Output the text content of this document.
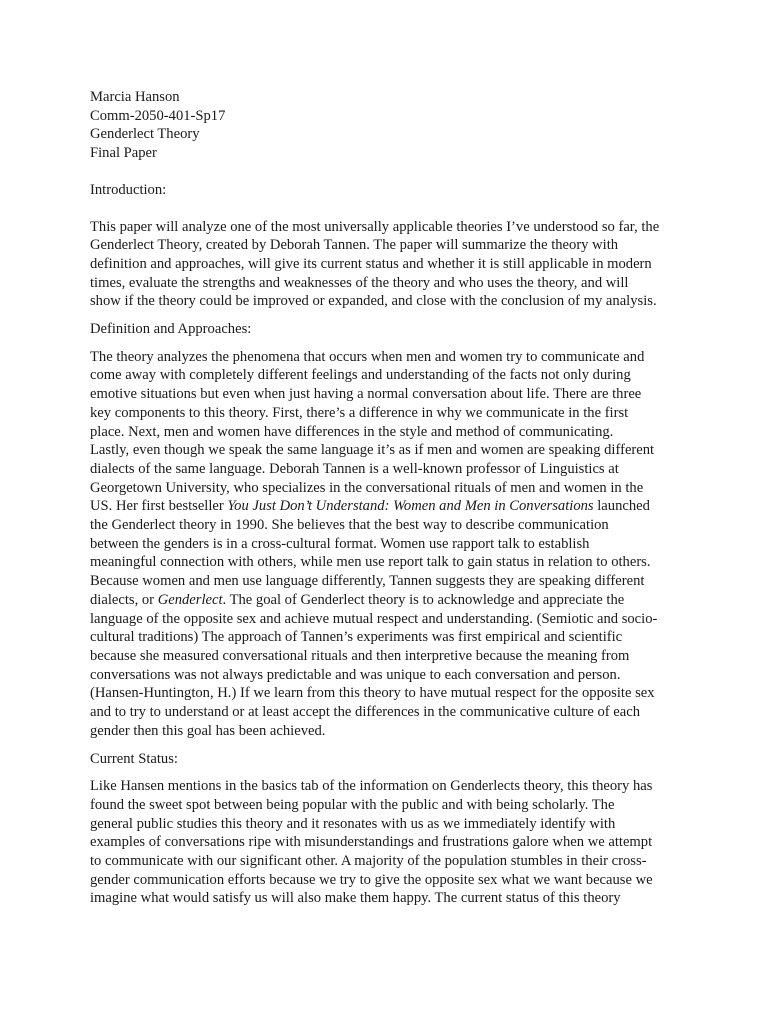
Marcia Hanson
Comm-2050-401-Sp17
Genderlect Theory
Final Paper
Introduction:
This paper will analyze one of the most universally applicable theories I’ve understood so far, the
Genderlect Theory, created by Deborah Tannen. The paper will summarize the theory with
definition and approaches, will give its current status and whether it is still applicable in modern
times, evaluate the strengths and weaknesses of the theory and who uses the theory, and will
show if the theory could be improved or expanded, and close with the conclusion of my analysis.
Definition and Approaches:
The theory analyzes the phenomena that occurs when men and women try to communicate and
come away with completely different feelings and understanding of the facts not only during
emotive situations but even when just having a normal conversation about life. There are three
key components to this theory. First, there’s a difference in why we communicate in the first
place. Next, men and women have differences in the style and method of communicating.
Lastly, even though we speak the same language it’s as if men and women are speaking different
dialects of the same language. Deborah Tannen is a well-known professor of Linguistics at
Georgetown University, who specializes in the conversational rituals of men and women in the
US. Her first bestseller You Just Don’t Understand: Women and Men in Conversations launched
the Genderlect theory in 1990. She believes that the best way to describe communication
between the genders is in a cross-cultural format. Women use rapport talk to establish
meaningful connection with others, while men use report talk to gain status in relation to others.
Because women and men use language differently, Tannen suggests they are speaking different
dialects, or Genderlect. The goal of Genderlect theory is to acknowledge and appreciate the
language of the opposite sex and achieve mutual respect and understanding. (Semiotic and socio-
cultural traditions) The approach of Tannen’s experiments was first empirical and scientific
because she measured conversational rituals and then interpretive because the meaning from
conversations was not always predictable and was unique to each conversation and person.
(Hansen-Huntington, H.) If we learn from this theory to have mutual respect for the opposite sex
and to try to understand or at least accept the differences in the communicative culture of each
gender then this goal has been achieved.
Current Status:
Like Hansen mentions in the basics tab of the information on Genderlects theory, this theory has
found the sweet spot between being popular with the public and with being scholarly. The
general public studies this theory and it resonates with us as we immediately identify with
examples of conversations ripe with misunderstandings and frustrations galore when we attempt
to communicate with our significant other. A majority of the population stumbles in their cross-
gender communication efforts because we try to give the opposite sex what we want because we
imagine what would satisfy us will also make them happy. The current status of this theory
